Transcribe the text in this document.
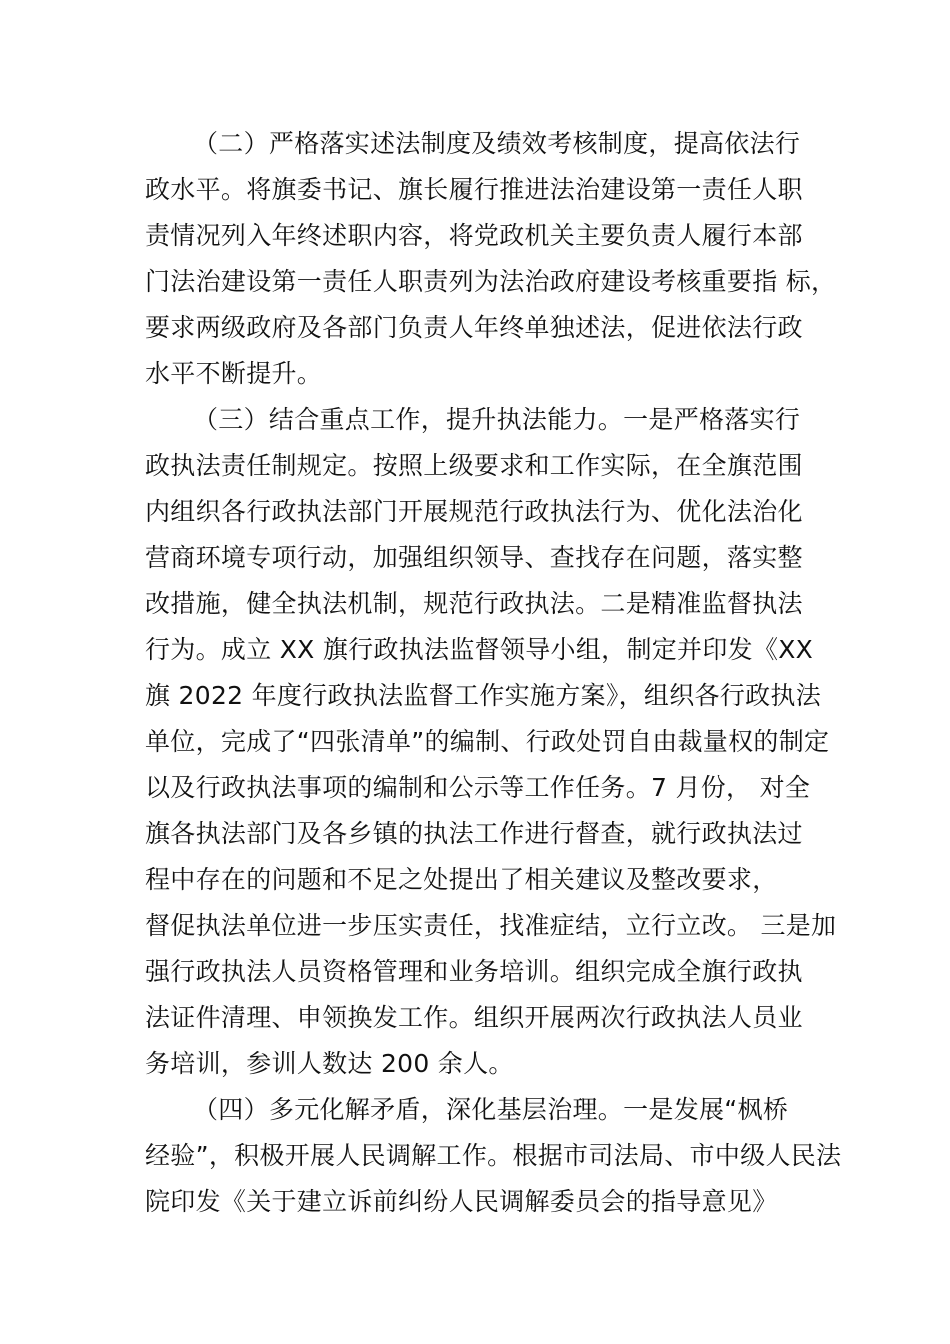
（二）严格落实述法制度及绩效考核制度，提高依法行
政水平。将旗委书记、旗长履行推进法治建设第一责任人职
责情况列入年终述职内容，将党政机关主要负责人履行本部
门法治建设第一责任人职责列为法治政府建设考核重要指 标，
要求两级政府及各部门负责人年终单独述法，促进依法行政
水平不断提升。
（三）结合重点工作，提升执法能力。一是严格落实行
政执法责任制规定。按照上级要求和工作实际，在全旗范围
内组织各行政执法部门开展规范行政执法行为、优化法治化
营商环境专项行动，加强组织领导、查找存在问题，落实整
改措施，健全执法机制，规范行政执法。二是精准监督执法
行为。成立 XX 旗行政执法监督领导小组，制定并印发《XX
旗 2022 年度行政执法监督工作实施方案》，组织各行政执法
单位，完成了“四张清单”的编制、行政处罚自由裁量权的制定
以及行政执法事项的编制和公示等工作任务。7 月份， 对全
旗各执法部门及各乡镇的执法工作进行督查，就行政执法过
程中存在的问题和不足之处提出了相关建议及整改要求，
督促执法单位进一步压实责任，找准症结，立行立改。 三是加
强行政执法人员资格管理和业务培训。组织完成全旗行政执
法证件清理、申领换发工作。组织开展两次行政执法人员业
务培训，参训人数达 200 余人。
（四）多元化解矛盾，深化基层治理。一是发展“枫桥
经验”，积极开展人民调解工作。根据市司法局、市中级人民法
院印发《关于建立诉前纠纷人民调解委员会的指导意见》
